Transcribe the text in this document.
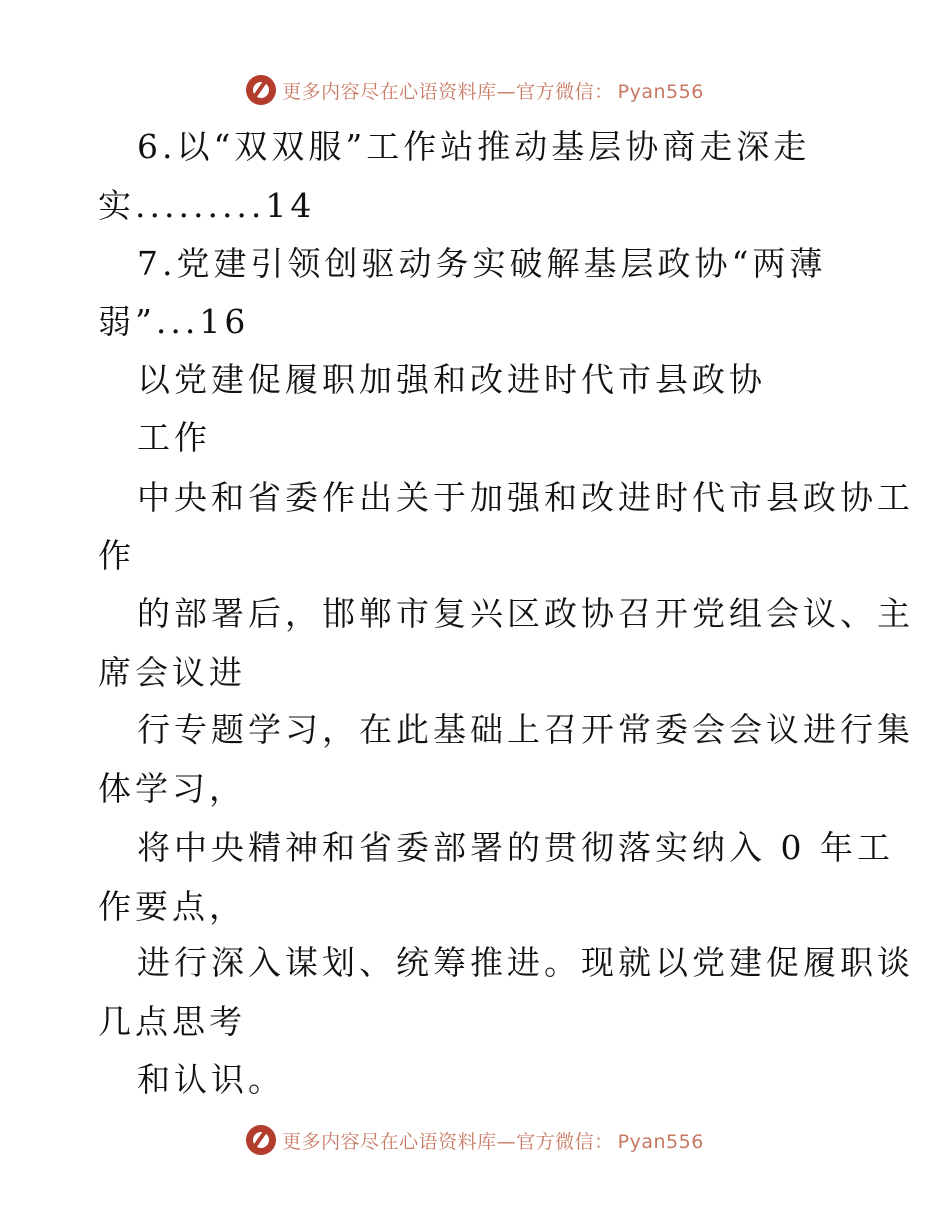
更多内容尽在心语资料库—官方微信： Pyan556

6.以“双双服”工作站推动基层协商走深走

实.........14

7.党建引领创驱动务实破解基层政协“两薄

弱”...16

以党建促履职加强和改进时代市县政协

工作

中央和省委作出关于加强和改进时代市县政协工

作

的部署后，邯郸市复兴区政协召开党组会议、主

席会议进

行专题学习，在此基础上召开常委会会议进行集

体学习，

将中央精神和省委部署的贯彻落实纳入 0 年工

作要点，

进行深入谋划、统筹推进。现就以党建促履职谈

几点思考

和认识。

更多内容尽在心语资料库—官方微信： Pyan556
